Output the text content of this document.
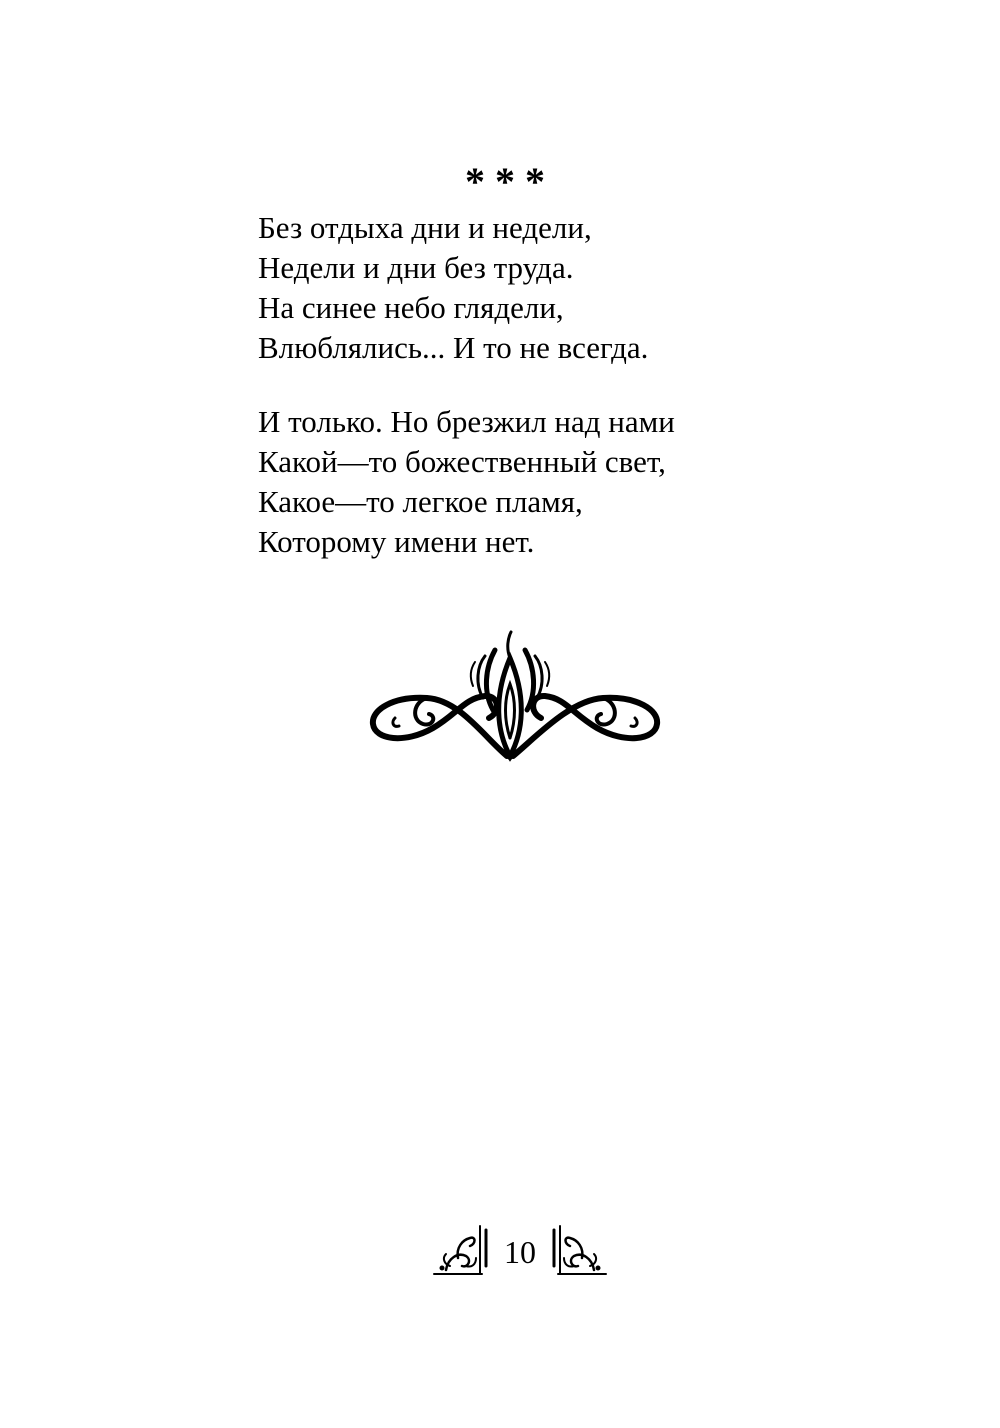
* * *
Без отдыха дни и недели,
Недели и дни без труда.
На синее небо глядели,
Влюблялись... И то не всегда.
И только. Но брезжил над нами
Какой—то божественный свет,
Какое—то легкое пламя,
Которому имени нет.
10
